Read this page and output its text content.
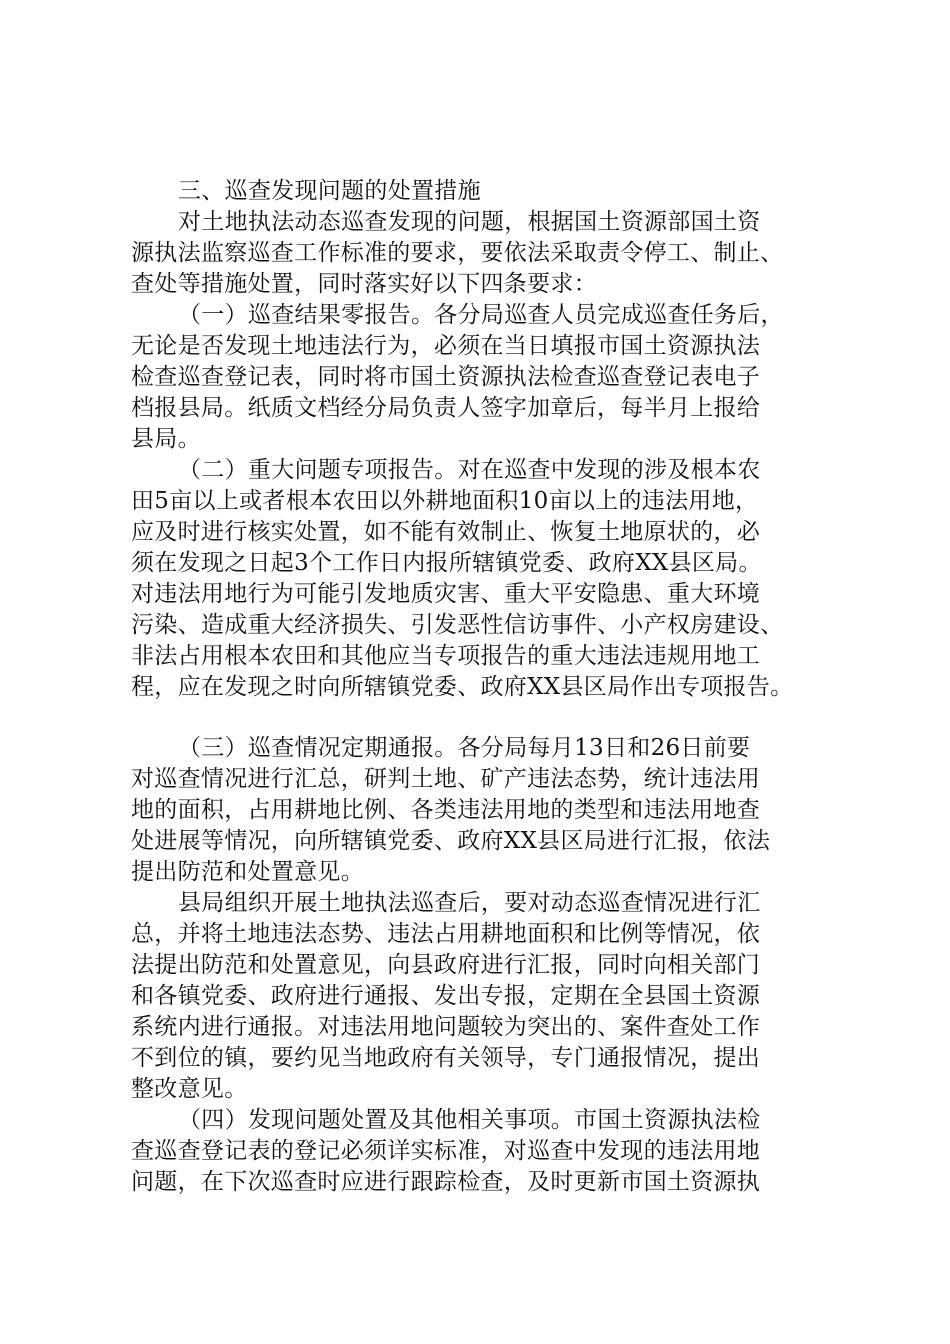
三、巡查发现问题的处置措施
对土地执法动态巡查发现的问题，根据国土资源部国土资
源执法监察巡查工作标准的要求，要依法采取责令停工、制止、
查处等措施处置，同时落实好以下四条要求：
（一）巡查结果零报告。各分局巡查人员完成巡查任务后，
无论是否发现土地违法行为，必须在当日填报市国土资源执法
检查巡查登记表，同时将市国土资源执法检查巡查登记表电子
档报县局。纸质文档经分局负责人签字加章后，每半月上报给
县局。
（二）重大问题专项报告。对在巡查中发现的涉及根本农
田5亩以上或者根本农田以外耕地面积10亩以上的违法用地，
应及时进行核实处置，如不能有效制止、恢复土地原状的，必
须在发现之日起3个工作日内报所辖镇党委、政府XX县区局。
对违法用地行为可能引发地质灾害、重大平安隐患、重大环境
污染、造成重大经济损失、引发恶性信访事件、小产权房建设、
非法占用根本农田和其他应当专项报告的重大违法违规用地工
程，应在发现之时向所辖镇党委、政府XX县区局作出专项报告。
（三）巡查情况定期通报。各分局每月13日和26日前要
对巡查情况进行汇总，研判土地、矿产违法态势，统计违法用
地的面积，占用耕地比例、各类违法用地的类型和违法用地查
处进展等情况，向所辖镇党委、政府XX县区局进行汇报，依法
提出防范和处置意见。
县局组织开展土地执法巡查后，要对动态巡查情况进行汇
总，并将土地违法态势、违法占用耕地面积和比例等情况，依
法提出防范和处置意见，向县政府进行汇报，同时向相关部门
和各镇党委、政府进行通报、发出专报，定期在全县国土资源
系统内进行通报。对违法用地问题较为突出的、案件查处工作
不到位的镇，要约见当地政府有关领导，专门通报情况，提出
整改意见。
（四）发现问题处置及其他相关事项。市国土资源执法检
查巡查登记表的登记必须详实标准，对巡查中发现的违法用地
问题，在下次巡查时应进行跟踪检查，及时更新市国土资源执
